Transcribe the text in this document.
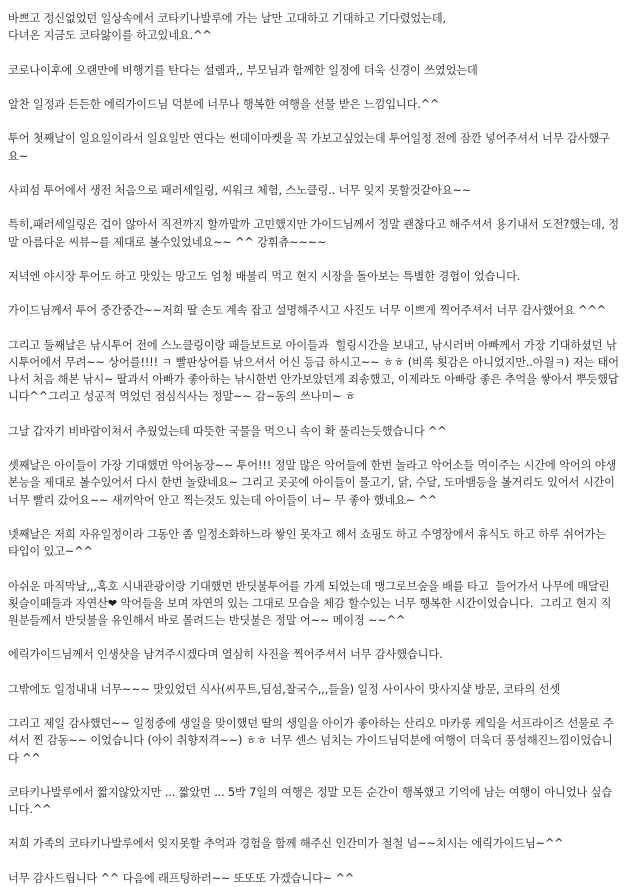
바쁘고 정신없었던 일상속에서 코타키나발루에 가는 날만 고대하고 기대하고 기다렸었는데,
다녀온 지금도 코타앓이를 하고있네요.^^
코로나이후에 오랜만에 비행기를 탄다는 설렘과,, 부모님과 함께한 일정에 더욱 신경이 쓰였었는데
알찬 일정과 든든한 에릭가이드님 덕분에 너무나 행복한 여행을 선물 받은 느낌입니다.^^
투어 첫째날이 일요일이라서 일요일만 연다는 썬데이마켓을 꼭 가보고싶었는데 투어일정 전에 잠깐 넣어주셔서 너무 감사했구요~
사피섬 투어에서 생전 처음으로 패러세일링, 씨워크 체험, 스노클링.. 너무 잊지 못할것같아요~~
특히,패러세일링은 겁이 않아서 직전까지 할까말까 고민했지만 가이드님께서 정말 괜찮다고 해주셔서 용기내서 도전?했는데, 정말 아름다운 씨뷰~를 제대로 볼수있었네요~~ ^^ 강휘츄~~~~
저녁엔 야시장 투어도 하고 맛있는 망고도 엄청 배불리 먹고 현지 시장을 돌아보는 특별한 경험이 었습니다.
가이드님께서 투어 중간중간~~저희 딸 손도 계속 잡고 설명해주시고 사진도 너무 이쁘게 찍어주셔서 너무 감사했어요 ^^^
그리고 둘째날은 낚시투어 전에 스노클링이랑 패들보트로 아이들과  힐링시간을 보내고, 낚시러버 아빠께서 가장 기대하셨던 낚시투어에서 무려~~ 상어를!!!! ㅋ 빨판상어를 낚으셔서 어신 등급 하시고~~ ㅎㅎ (비록 횟감은 아니었지만..아읠ㅋ) 저는 태어나서 처음 해본 낚시~ 딸과서 아빠가 좋아하는 낚시한번 안가보았던게 죄송했고, 이제라도 아빠랑 좋은 추억을 쌓아서 뿌듯했답니다^^그리고 성공적 먹었던 점심식사는 정말~~ 감~동의 쓰나미~ ㅎ
그날 갑자기 비바람이쳐서 추웠었는데 따뜻한 국물을 먹으니 속이 확 풀리는듯했습니다 ^^
셋째날은 아이들이 가장 기대했먼 악어농장~~ 투어!!! 정말 많은 악어들에 한번 놀라고 악어소들 먹이주는 시간에 악어의 야생 본능을 제대로 볼수있어서 다시 한번 놀랐네요~ 그리고 곳곳에 아이들이 물고기, 닭, 수달, 도마뱀등을 볼거리도 있어서 시간이 너무 빨리 갔어요~~ 새끼악어 안고 찍는것도 있는데 아이들이 너~ 무 좋아 했네요~ ^^
넷째날은 저희 자유일정이라 그동안 좀 일정소화하느라 쌓인 못자고 해서 쇼핑도 하고 수영장에서 휴식도 하고 하루 쉬어가는 타입이 있고~^^
아쉬운 마직막날,,,혹호 시내관광이랑 기대했먼 반딧불투어를 가게 되었는데 맹그로브숲을 배를 타고  들어가서 나무에 매달린 횟슬이뗴들과 자연산❤ 악어들을 보며 자연의 있는 그대로 모습을 체감 할수있는 너무 행복한 시간이었습니다.  그리고 현지 직원분들께서 반딧불을 유인해서 바로 몰려드는 반딧불은 정말 어~~ 메이징 ~~^^
에릭가이드님께서 인생샷을 남겨주시겠다며 열심히 사진을 찍어주셔서 너무 감사했습니다.
그밖에도 일정내내 너무~~~ 맛있었던 식사(씨푸트,딤섬,찰국수,,,들을) 일정 사이사이 맛사지샬 방문, 코타의 선셋
그리고 제일 감사했던~~ 일정중에 생일을 맞이했던 딸의 생일을 아이가 좋아하는 산리오 마카롱 케잌을 서프라이즈 선물로 주셔서 찐 감동~~ 이었습니다 (아이 취향저격~~) ㅎㅎ 너무 센스 넘치는 가이드님덕분에 여행이 더욱더 풍성해진느낌이었습니다 ^^
코타키나발루에서 짧지않았지만 ... 짧았먼 ... 5박 7일의 여행은 정말 모든 순간이 행복했고 기억에 남는 여행이 아니었나 싶습니다.^^
저희 가족의 코타키나발루에서 잊지못할 추억과 경험을 함께 해주신 인간미가 철철 넘~~치시는 에릭가이드님~^^
너무 감사드립니다 ^^ 다음에 래프팅하러~~ 또또또 가겠습니다~ ^^
